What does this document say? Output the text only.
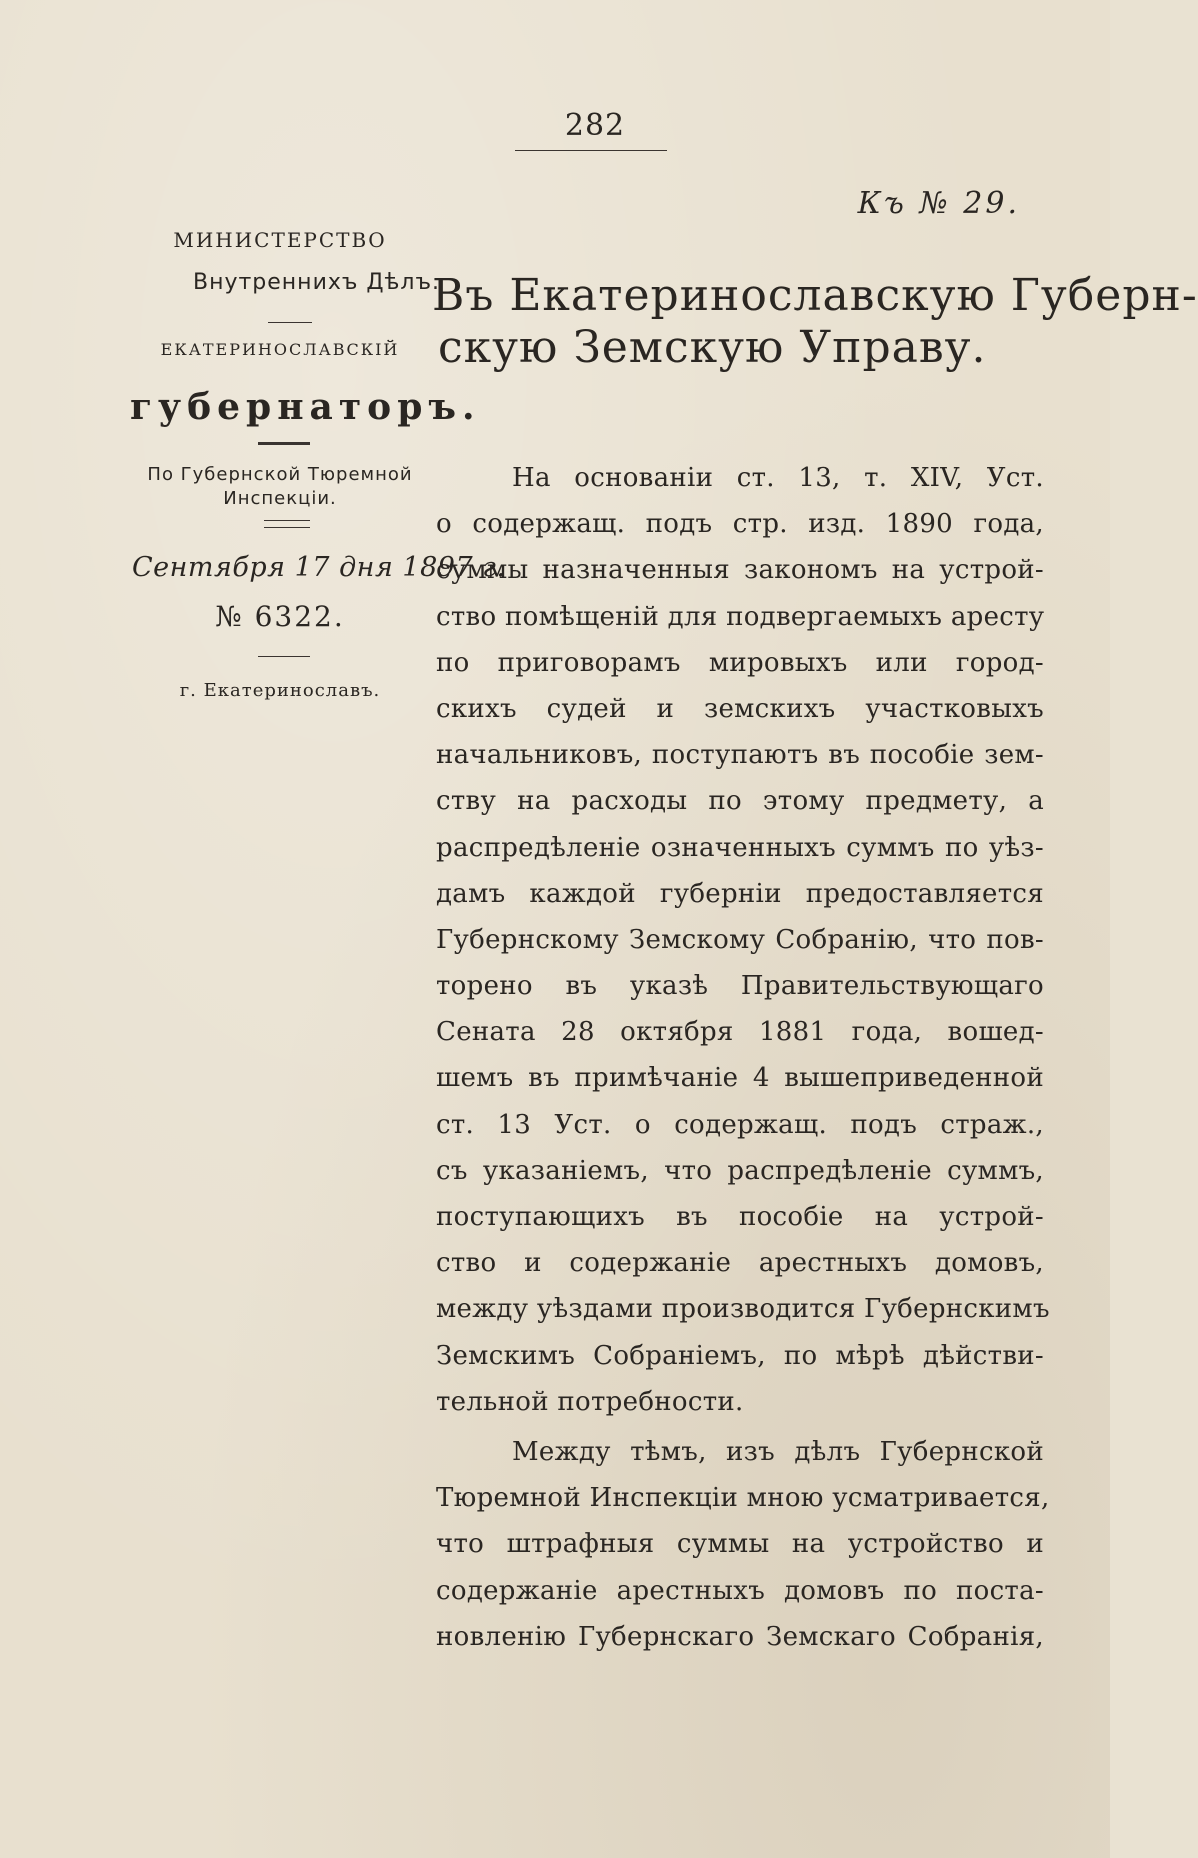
282
Къ № 29.
МИНИСТЕРСТВО
Внутреннихъ Дѣлъ.
ЕКАТЕРИНОСЛАВСКІЙ
губернаторъ.
По Губернской Тюремной
Инспекціи.
Сентября 17 дня 1897 г.
№ 6322.
г. Екатеринославъ.
Въ Екатеринославскую Губерн-
скую Земскую Управу.
На основаніи ст. 13, т. XIV, Уст.
о содержащ. подъ стр. изд. 1890 года,
суммы назначенныя закономъ на устрой-
ство помѣщеній для подвергаемыхъ аресту
по приговорамъ мировыхъ или город-
скихъ судей и земскихъ участковыхъ
начальниковъ, поступаютъ въ пособіе зем-
ству на расходы по этому предмету, а
распредѣленіе означенныхъ суммъ по уѣз-
дамъ каждой губерніи предоставляется
Губернскому Земскому Собранію, что пов-
торено въ указѣ Правительствующаго
Сената 28 октября 1881 года, вошед-
шемъ въ примѣчаніе 4 вышеприведенной
ст. 13 Уст. о содержащ. подъ страж.,
съ указаніемъ, что распредѣленіе суммъ,
поступающихъ въ пособіе на устрой-
ство и содержаніе арестныхъ домовъ,
между уѣздами производится Губернскимъ
Земскимъ Собраніемъ, по мѣрѣ дѣйстви-
тельной потребности.
Между тѣмъ, изъ дѣлъ Губернской
Тюремной Инспекціи мною усматривается,
что штрафныя суммы на устройство и
содержаніе арестныхъ домовъ по поста-
новленію Губернскаго Земскаго Собранія,
